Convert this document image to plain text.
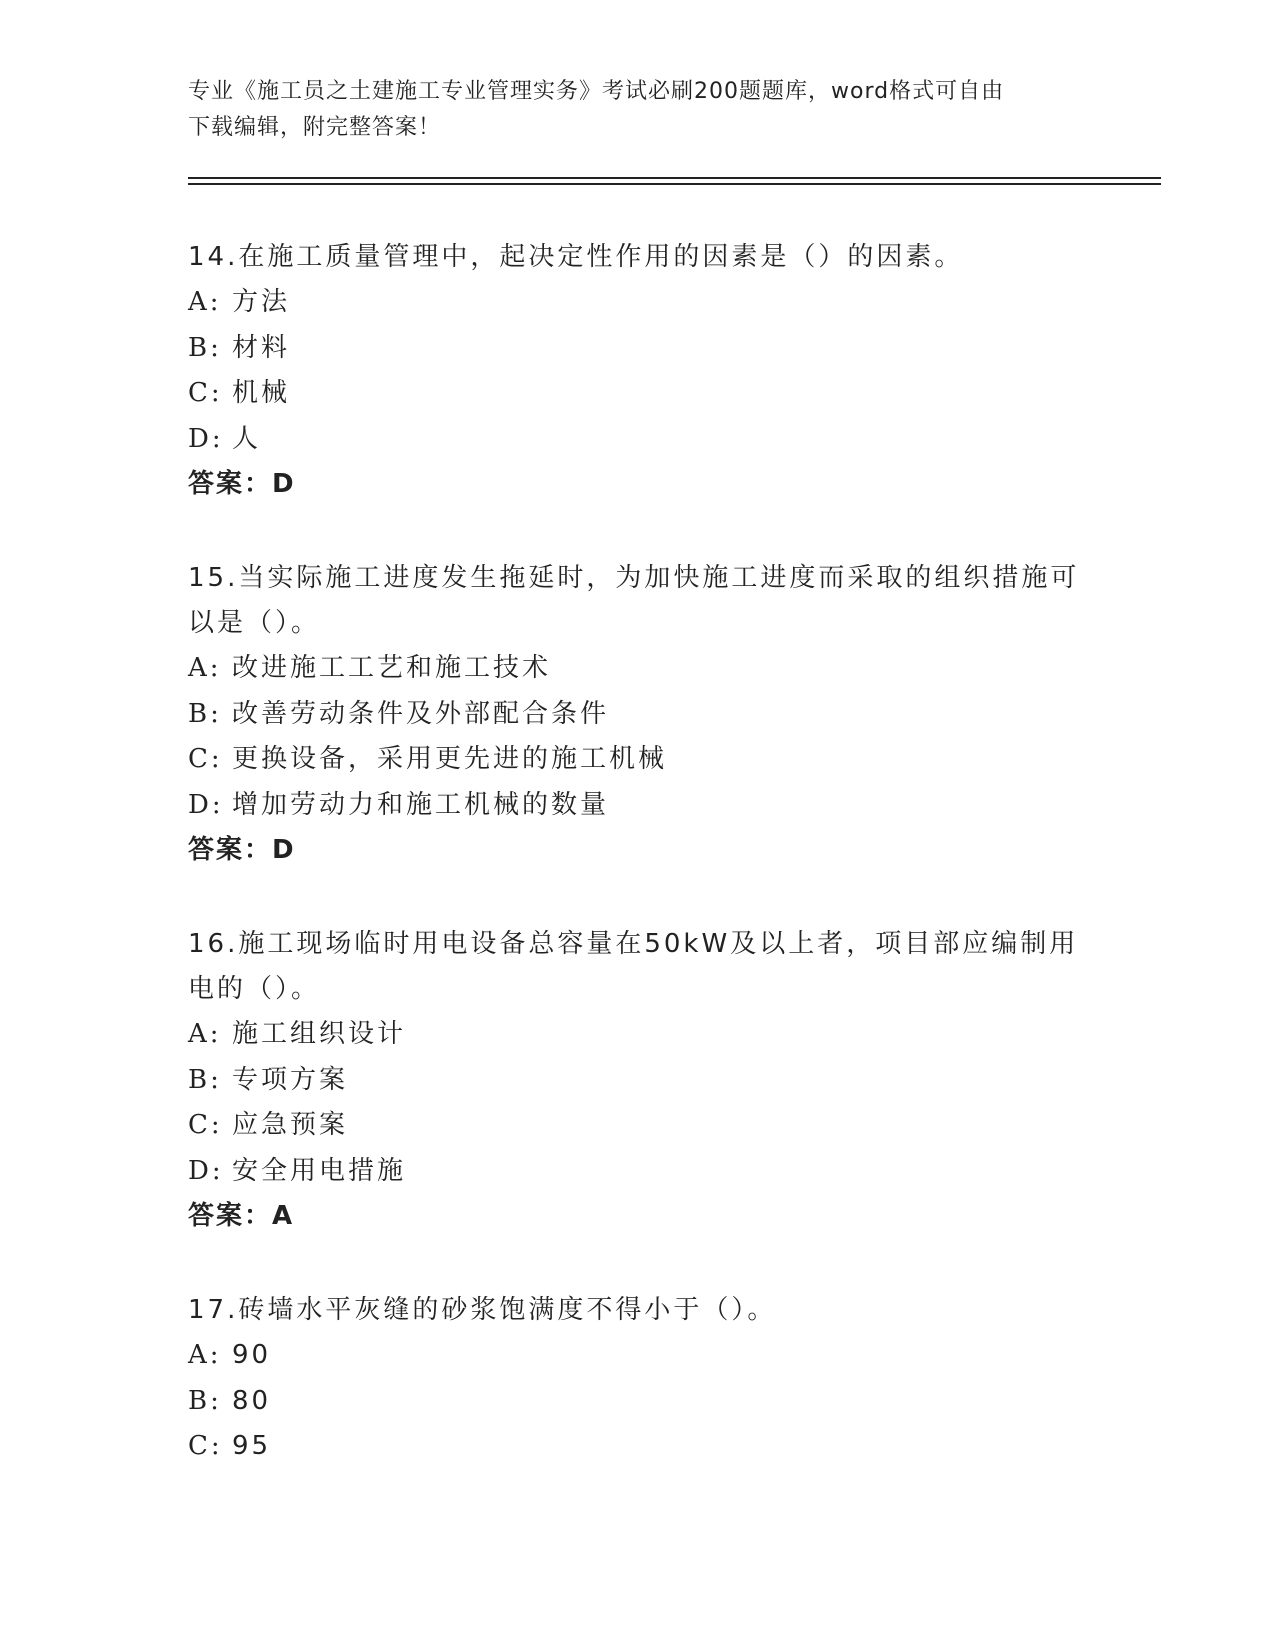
专业《施工员之土建施工专业管理实务》考试必刷200题题库，word格式可自由
下载编辑，附完整答案！

14.在施工质量管理中，起决定性作用的因素是（）的因素。

A: 方法
B: 材料
C: 机械
D: 人
答案：D

15.当实际施工进度发生拖延时，为加快施工进度而采取的组织措施可以是（）。

A: 改进施工工艺和施工技术
B: 改善劳动条件及外部配合条件
C: 更换设备，采用更先进的施工机械
D: 增加劳动力和施工机械的数量
答案：D

16.施工现场临时用电设备总容量在50kW及以上者，项目部应编制用电的（）。

A: 施工组织设计
B: 专项方案
C: 应急预案
D: 安全用电措施
答案：A

17.砖墙水平灰缝的砂浆饱满度不得小于（）。

A: 90
B: 80
C: 95
